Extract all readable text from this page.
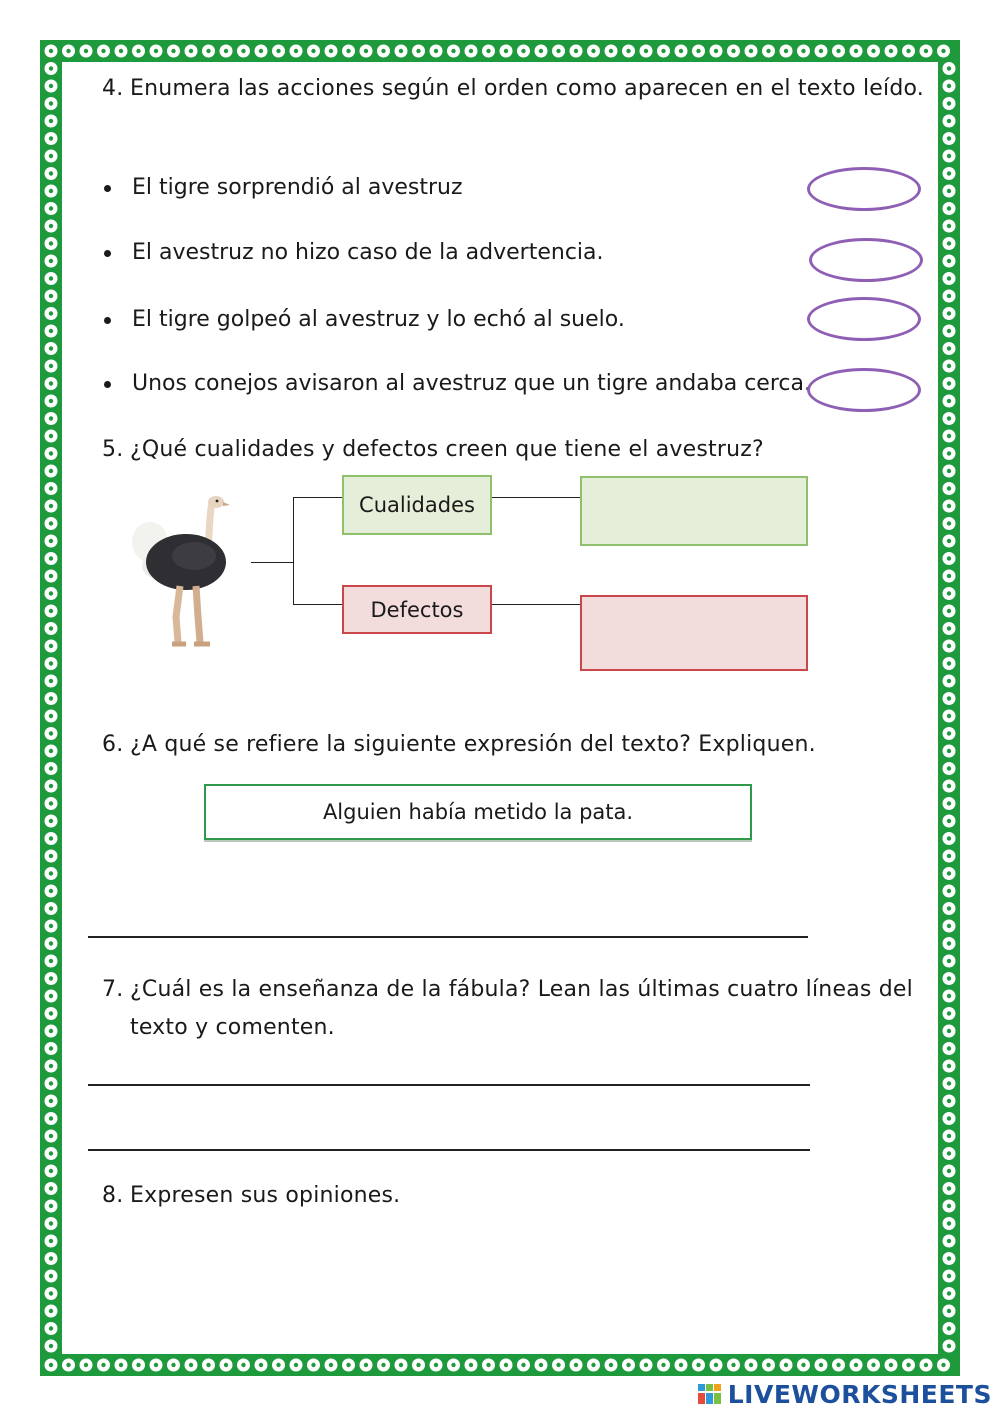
4. Enumera las acciones según el orden como aparecen en el texto leído.
El tigre sorprendió al avestruz
El avestruz no hizo caso de la advertencia.
El tigre golpeó al avestruz y lo echó al suelo.
Unos conejos avisaron al avestruz que un tigre andaba cerca.
5. ¿Qué cualidades y defectos creen que tiene el avestruz?
Cualidades
Defectos
6. ¿A qué se refiere la siguiente expresión del texto? Expliquen.
Alguien había metido la pata.
7. ¿Cuál es la enseñanza de la fábula? Lean las últimas cuatro líneas del
texto y comenten.
8. Expresen sus opiniones.
LIVEWORKSHEETS
